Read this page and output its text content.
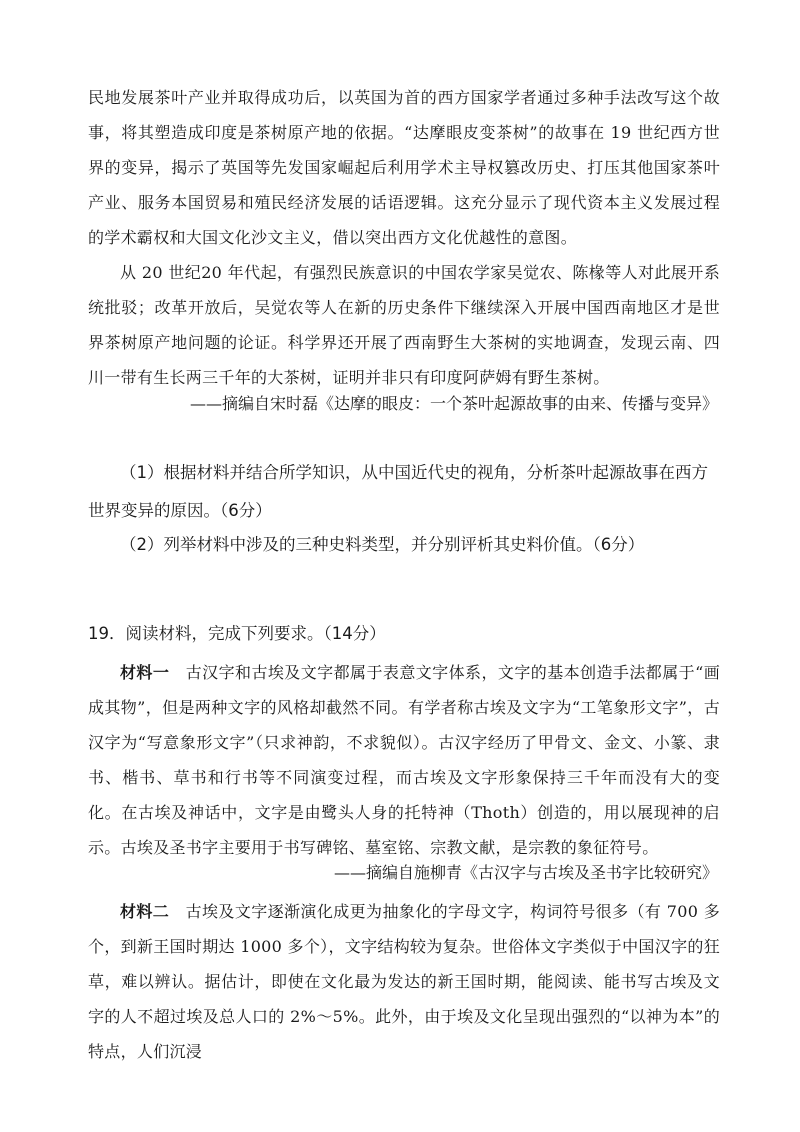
民地发展茶叶产业并取得成功后，以英国为首的西方国家学者通过多种手法改写这个故事，将其塑造成印度是茶树原产地的依据。“达摩眼皮变茶树”的故事在 19 世纪西方世界的变异，揭示了英国等先发国家崛起后利用学术主导权篡改历史、打压其他国家茶叶产业、服务本国贸易和殖民经济发展的话语逻辑。这充分显示了现代资本主义发展过程的学术霸权和大国文化沙文主义，借以突出西方文化优越性的意图。

从 20 世纪20 年代起，有强烈民族意识的中国农学家吴觉农、陈椽等人对此展开系统批驳；改革开放后，吴觉农等人在新的历史条件下继续深入开展中国西南地区才是世界茶树原产地问题的论证。科学界还开展了西南野生大茶树的实地调查，发现云南、四川一带有生长两三千年的大茶树，证明并非只有印度阿萨姆有野生茶树。

——摘编自宋时磊《达摩的眼皮：一个茶叶起源故事的由来、传播与变异》

（1）根据材料并结合所学知识，从中国近代史的视角，分析茶叶起源故事在西方世界变异的原因。（6分）

（2）列举材料中涉及的三种史料类型，并分别评析其史料价值。（6分）

19．阅读材料，完成下列要求。（14分）

材料一　古汉字和古埃及文字都属于表意文字体系，文字的基本创造手法都属于“画成其物”，但是两种文字的风格却截然不同。有学者称古埃及文字为“工笔象形文字”，古汉字为“写意象形文字”（只求神韵，不求貌似）。古汉字经历了甲骨文、金文、小篆、隶书、楷书、草书和行书等不同演变过程，而古埃及文字形象保持三千年而没有大的变化。在古埃及神话中，文字是由鹭头人身的托特神（Thoth）创造的，用以展现神的启示。古埃及圣书字主要用于书写碑铭、墓室铭、宗教文献，是宗教的象征符号。

——摘编自施柳青《古汉字与古埃及圣书字比较研究》

材料二　古埃及文字逐渐演化成更为抽象化的字母文字，构词符号很多（有 700 多个，到新王国时期达 1000 多个），文字结构较为复杂。世俗体文字类似于中国汉字的狂草，难以辨认。据估计，即使在文化最为发达的新王国时期，能阅读、能书写古埃及文字的人不超过埃及总人口的 2%～5%。此外，由于埃及文化呈现出强烈的“以神为本”的特点，人们沉浸
